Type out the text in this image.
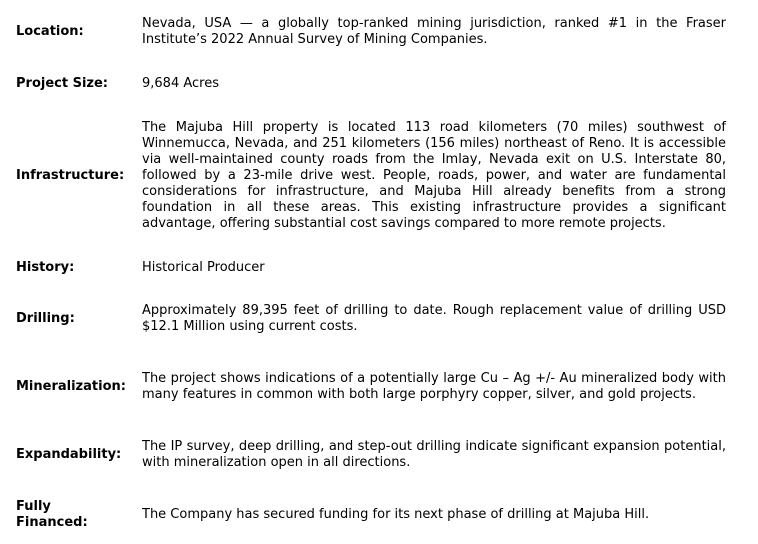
Location:
Nevada, USA — a globally top-ranked mining jurisdiction, ranked #1 in the Fraser Institute’s 2022 Annual Survey of Mining Companies.
Project Size:	9,684 Acres
Infrastructure:
The Majuba Hill property is located 113 road kilometers (70 miles) southwest of Winnemucca, Nevada, and 251 kilometers (156 miles) northeast of Reno. It is accessible via well-maintained county roads from the Imlay, Nevada exit on U.S. Interstate 80, followed by a 23-mile drive west. People, roads, power, and water are fundamental considerations for infrastructure, and Majuba Hill already benefits from a strong foundation in all these areas. This existing infrastructure provides a significant advantage, offering substantial cost savings compared to more remote projects.
History:	Historical Producer
Drilling:
Approximately 89,395 feet of drilling to date. Rough replacement value of drilling USD $12.1 Million using current costs.
Mineralization:
The project shows indications of a potentially large Cu – Ag +/- Au mineralized body with many features in common with both large porphyry copper, silver, and gold projects.
Expandability:
The IP survey, deep drilling, and step-out drilling indicate significant expansion potential, with mineralization open in all directions.
Fully Financed:
The Company has secured funding for its next phase of drilling at Majuba Hill.
